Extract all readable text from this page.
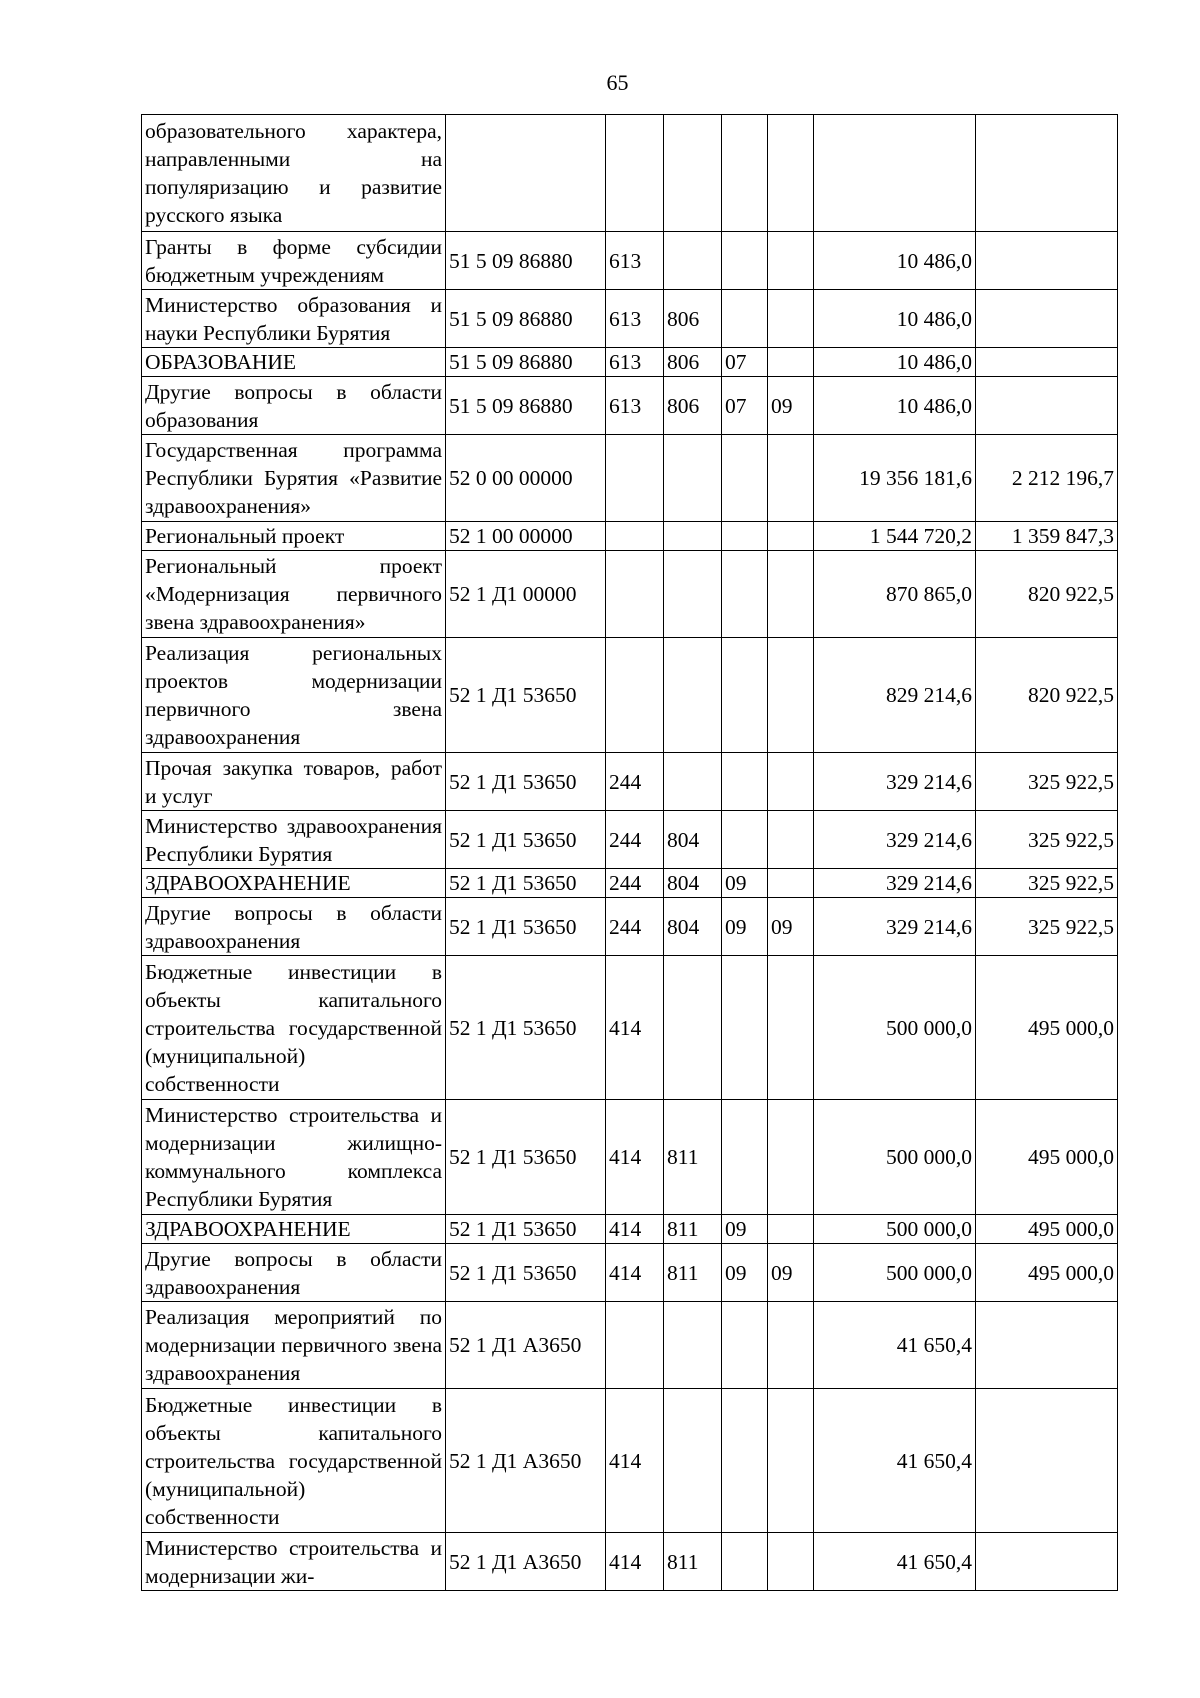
65
образовательного характера, направленными на популяризацию и развитие русского языка							
Гранты в форме субсидии бюджетным учреждениям	51 5 09 86880	613				10 486,0	
Министерство образования и науки Республики Бурятия	51 5 09 86880	613	806			10 486,0	
ОБРАЗОВАНИЕ	51 5 09 86880	613	806	07		10 486,0	
Другие вопросы в области образования	51 5 09 86880	613	806	07	09	10 486,0	
Государственная программа Республики Бурятия «Развитие здравоохранения»	52 0 00 00000					19 356 181,6	2 212 196,7
Региональный проект	52 1 00 00000					1 544 720,2	1 359 847,3
Региональный проект «Модернизация первичного звена здравоохранения»	52 1 Д1 00000					870 865,0	820 922,5
Реализация региональных проектов модернизации первичного звена здравоохранения	52 1 Д1 53650					829 214,6	820 922,5
Прочая закупка товаров, работ и услуг	52 1 Д1 53650	244				329 214,6	325 922,5
Министерство здравоохранения Республики Бурятия	52 1 Д1 53650	244	804			329 214,6	325 922,5
ЗДРАВООХРАНЕНИЕ	52 1 Д1 53650	244	804	09		329 214,6	325 922,5
Другие вопросы в области здравоохранения	52 1 Д1 53650	244	804	09	09	329 214,6	325 922,5
Бюджетные инвестиции в объекты капитального строительства государственной (муниципальной) собственности	52 1 Д1 53650	414				500 000,0	495 000,0
Министерство строительства и модернизации жилищно-коммунального комплекса Республики Бурятия	52 1 Д1 53650	414	811			500 000,0	495 000,0
ЗДРАВООХРАНЕНИЕ	52 1 Д1 53650	414	811	09		500 000,0	495 000,0
Другие вопросы в области здравоохранения	52 1 Д1 53650	414	811	09	09	500 000,0	495 000,0
Реализация мероприятий по модернизации первичного звена здравоохранения	52 1 Д1 А3650					41 650,4	
Бюджетные инвестиции в объекты капитального строительства государственной (муниципальной) собственности	52 1 Д1 А3650	414				41 650,4	
Министерство строительства и модернизации жи-	52 1 Д1 А3650	414	811			41 650,4	
